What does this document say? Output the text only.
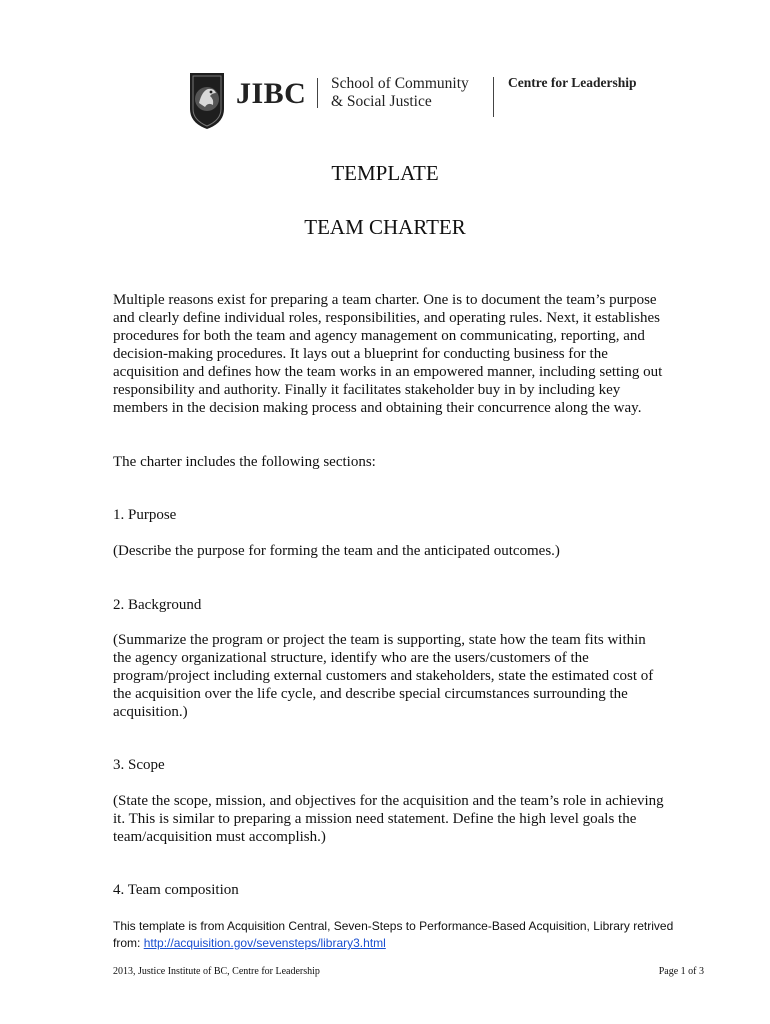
JIBC School of Community
& Social Justice
Centre for Leadership
TEMPLATE
TEAM CHARTER
Multiple reasons exist for preparing a team charter. One is to document the team’s purpose and clearly define individual roles, responsibilities, and operating rules. Next, it establishes procedures for both the team and agency management on communicating, reporting, and decision-making procedures. It lays out a blueprint for conducting business for the acquisition and defines how the team works in an empowered manner, including setting out responsibility and authority. Finally it facilitates stakeholder buy in by including key members in the decision making process and obtaining their concurrence along the way.
The charter includes the following sections:
1. Purpose
(Describe the purpose for forming the team and the anticipated outcomes.)
2. Background
(Summarize the program or project the team is supporting, state how the team fits within the agency organizational structure, identify who are the users/customers of the program/project including external customers and stakeholders, state the estimated cost of the acquisition over the life cycle, and describe special circumstances surrounding the acquisition.)
3. Scope
(State the scope, mission, and objectives for the acquisition and the team’s role in achieving it. This is similar to preparing a mission need statement. Define the high level goals the team/acquisition must accomplish.)
4. Team composition
This template is from Acquisition Central, Seven-Steps to Performance-Based Acquisition, Library retrived from: http://acquisition.gov/sevensteps/library3.html
2013, Justice Institute of BC, Centre for Leadership	Page 1 of 3
